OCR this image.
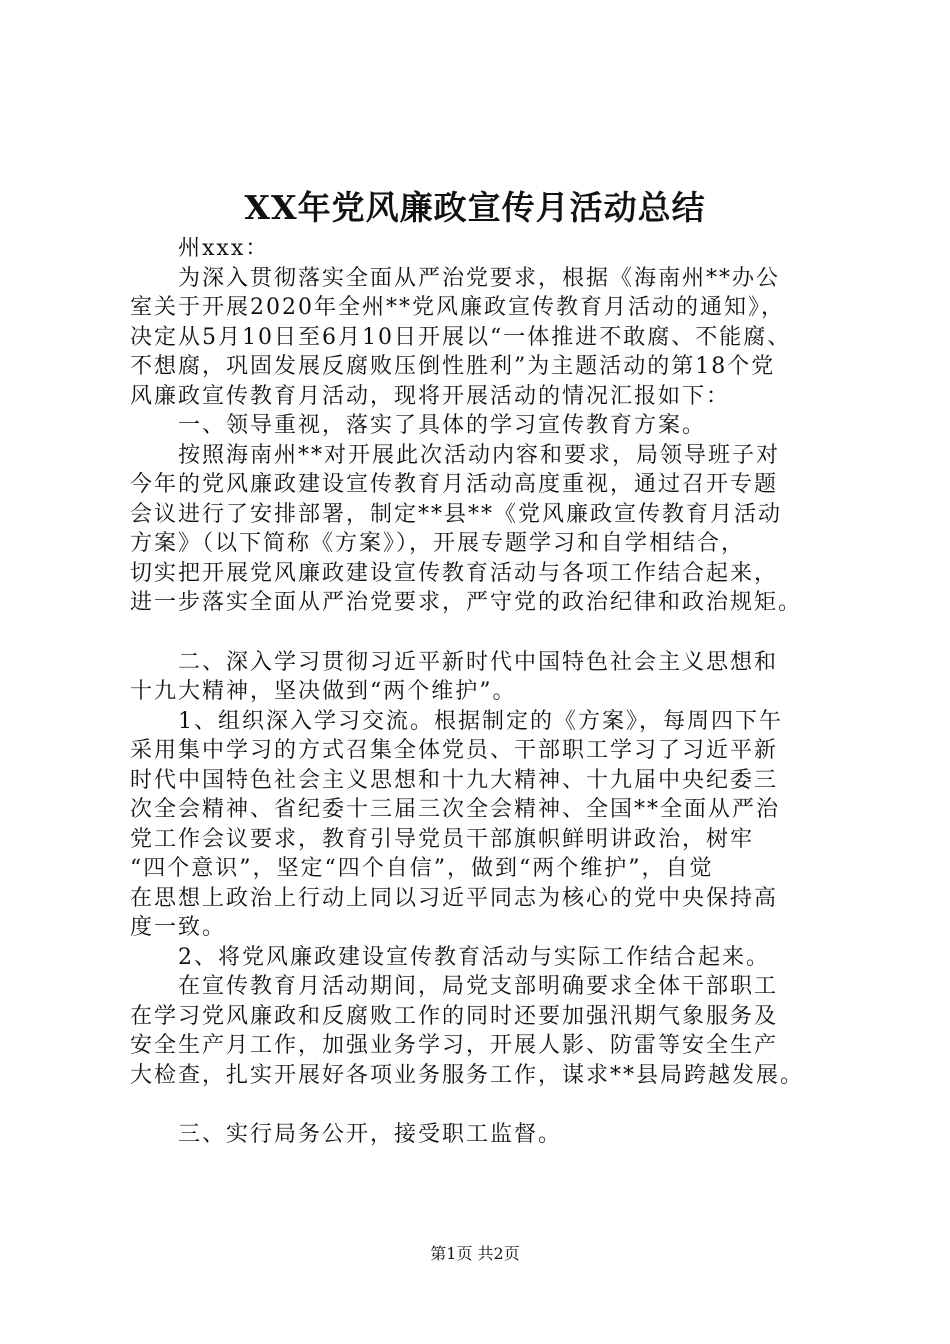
XX年党风廉政宣传月活动总结
　　州xxx：
　　为深入贯彻落实全面从严治党要求，根据《海南州**办公
室关于开展2020年全州**党风廉政宣传教育月活动的通知》，
决定从5月10日至6月10日开展以“一体推进不敢腐、不能腐、
不想腐，巩固发展反腐败压倒性胜利”为主题活动的第18个党
风廉政宣传教育月活动，现将开展活动的情况汇报如下：
　　一、领导重视，落实了具体的学习宣传教育方案。
　　按照海南州**对开展此次活动内容和要求，局领导班子对
今年的党风廉政建设宣传教育月活动高度重视，通过召开专题
会议进行了安排部署，制定**县**《党风廉政宣传教育月活动
方案》（以下简称《方案》），开展专题学习和自学相结合，
切实把开展党风廉政建设宣传教育活动与各项工作结合起来，
进一步落实全面从严治党要求，严守党的政治纪律和政治规矩。
　　二、深入学习贯彻习近平新时代中国特色社会主义思想和
十九大精神，坚决做到“两个维护”。
　　1、组织深入学习交流。根据制定的《方案》，每周四下午
采用集中学习的方式召集全体党员、干部职工学习了习近平新
时代中国特色社会主义思想和十九大精神、十九届中央纪委三
次全会精神、省纪委十三届三次全会精神、全国**全面从严治
党工作会议要求，教育引导党员干部旗帜鲜明讲政治，树牢
“四个意识”，坚定“四个自信”，做到“两个维护”，自觉
在思想上政治上行动上同以习近平同志为核心的党中央保持高
度一致。
　　2、将党风廉政建设宣传教育活动与实际工作结合起来。
　　在宣传教育月活动期间，局党支部明确要求全体干部职工
在学习党风廉政和反腐败工作的同时还要加强汛期气象服务及
安全生产月工作，加强业务学习，开展人影、防雷等安全生产
大检查，扎实开展好各项业务服务工作，谋求**县局跨越发展。
　　三、实行局务公开，接受职工监督。
第1页 共2页
